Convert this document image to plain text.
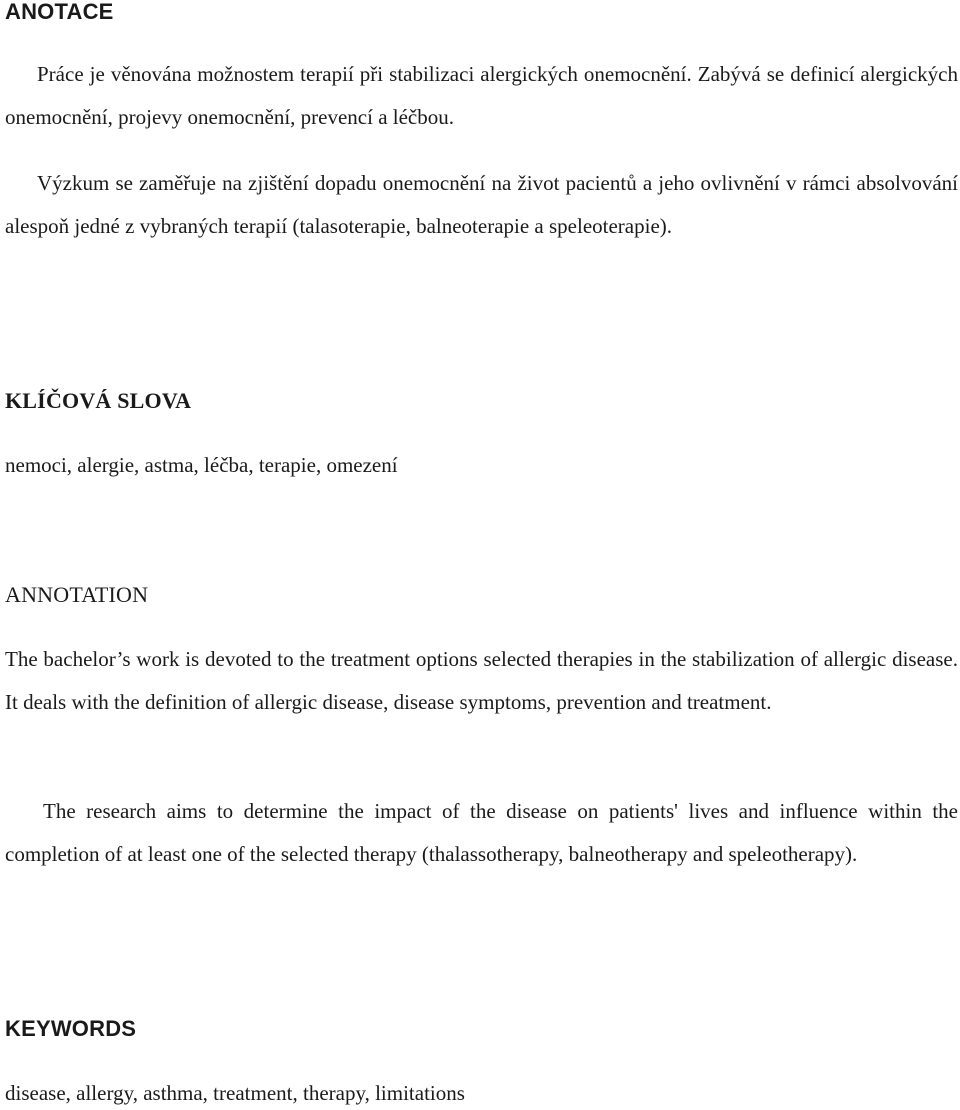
ANOTACE

Práce je věnována možnostem terapií při stabilizaci alergických onemocnění. Zabývá se definicí alergických onemocnění, projevy onemocnění, prevencí a léčbou.

Výzkum se zaměřuje na zjištění dopadu onemocnění na život pacientů a jeho ovlivnění v rámci absolvování alespoň jedné z vybraných terapií (talasoterapie, balneoterapie a speleoterapie).

KLÍČOVÁ SLOVA

nemoci, alergie, astma, léčba, terapie, omezení

ANNOTATION

The bachelor’s work is devoted to the treatment options selected therapies in the stabilization of allergic disease. It deals with the definition of allergic disease, disease symptoms, prevention and treatment.

The research aims to determine the impact of the disease on patients' lives and influence within the completion of at least one of the selected therapy (thalassotherapy, balneotherapy and speleotherapy).

KEYWORDS

disease, allergy, asthma, treatment, therapy, limitations
